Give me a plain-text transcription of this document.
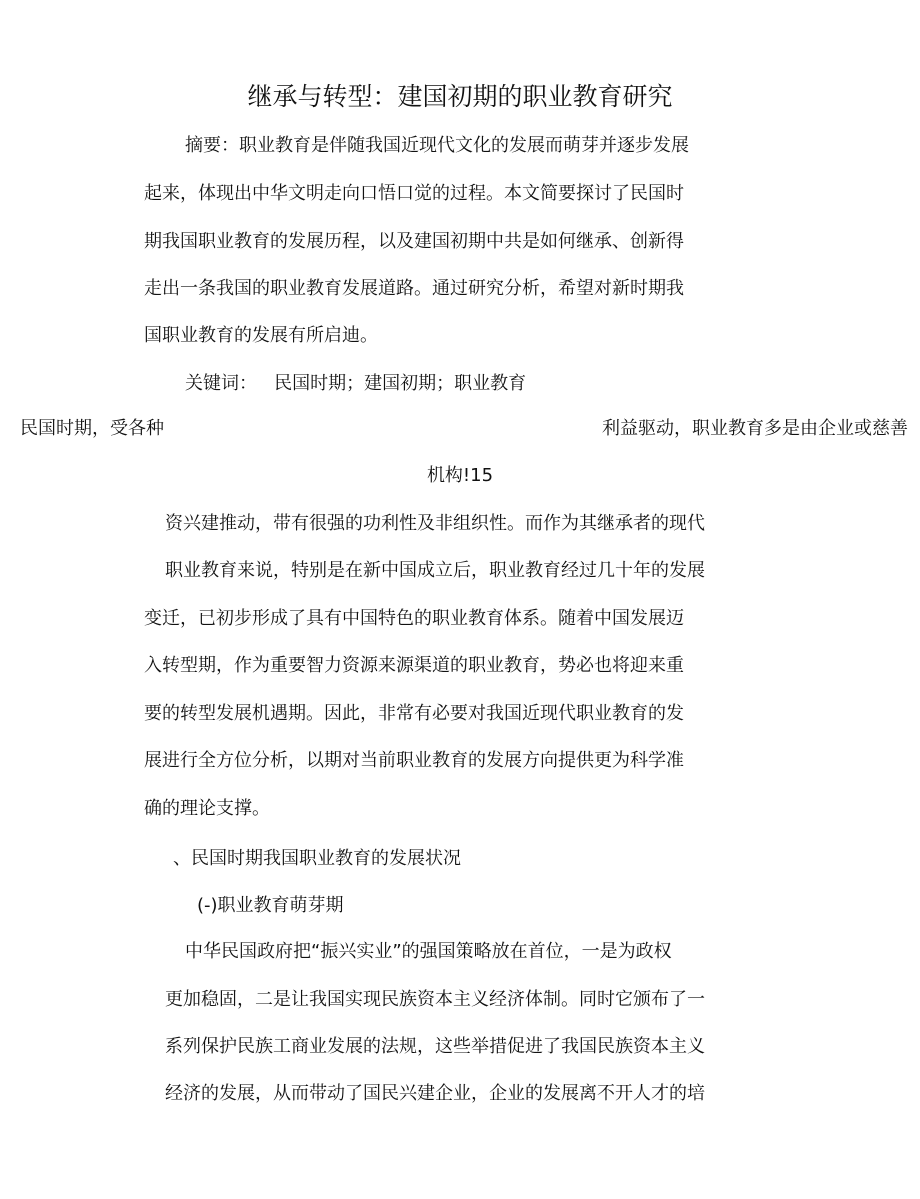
继承与转型：建国初期的职业教育研究
摘要：职业教育是伴随我国近现代文化的发展而萌芽并逐步发展
起来，体现出中华文明走向口悟口觉的过程。本文简要探讨了民国时
期我国职业教育的发展历程，以及建国初期中共是如何继承、创新得
走出一条我国的职业教育发展道路。通过研究分析，希望对新时期我
国职业教育的发展有所启迪。
关键词：   民国时期；建国初期；职业教育
民国时期，受各种	利益驱动，职业教育多是由企业或慈善
机构!15
资兴建推动，带有很强的功利性及非组织性。而作为其继承者的现代
职业教育来说，特别是在新中国成立后，职业教育经过几十年的发展
变迁，已初步形成了具有中国特色的职业教育体系。随着中国发展迈
入转型期，作为重要智力资源来源渠道的职业教育，势必也将迎来重
要的转型发展机遇期。因此，非常有必要对我国近现代职业教育的发
展进行全方位分析，以期对当前职业教育的发展方向提供更为科学准
确的理论支撑。
、民国时期我国职业教育的发展状况
(-)职业教育萌芽期
中华民国政府把“振兴实业”的强国策略放在首位，一是为政权
更加稳固，二是让我国实现民族资本主义经济体制。同时它颁布了一
系列保护民族工商业发展的法规，这些举措促进了我国民族资本主义
经济的发展，从而带动了国民兴建企业，企业的发展离不开人才的培
